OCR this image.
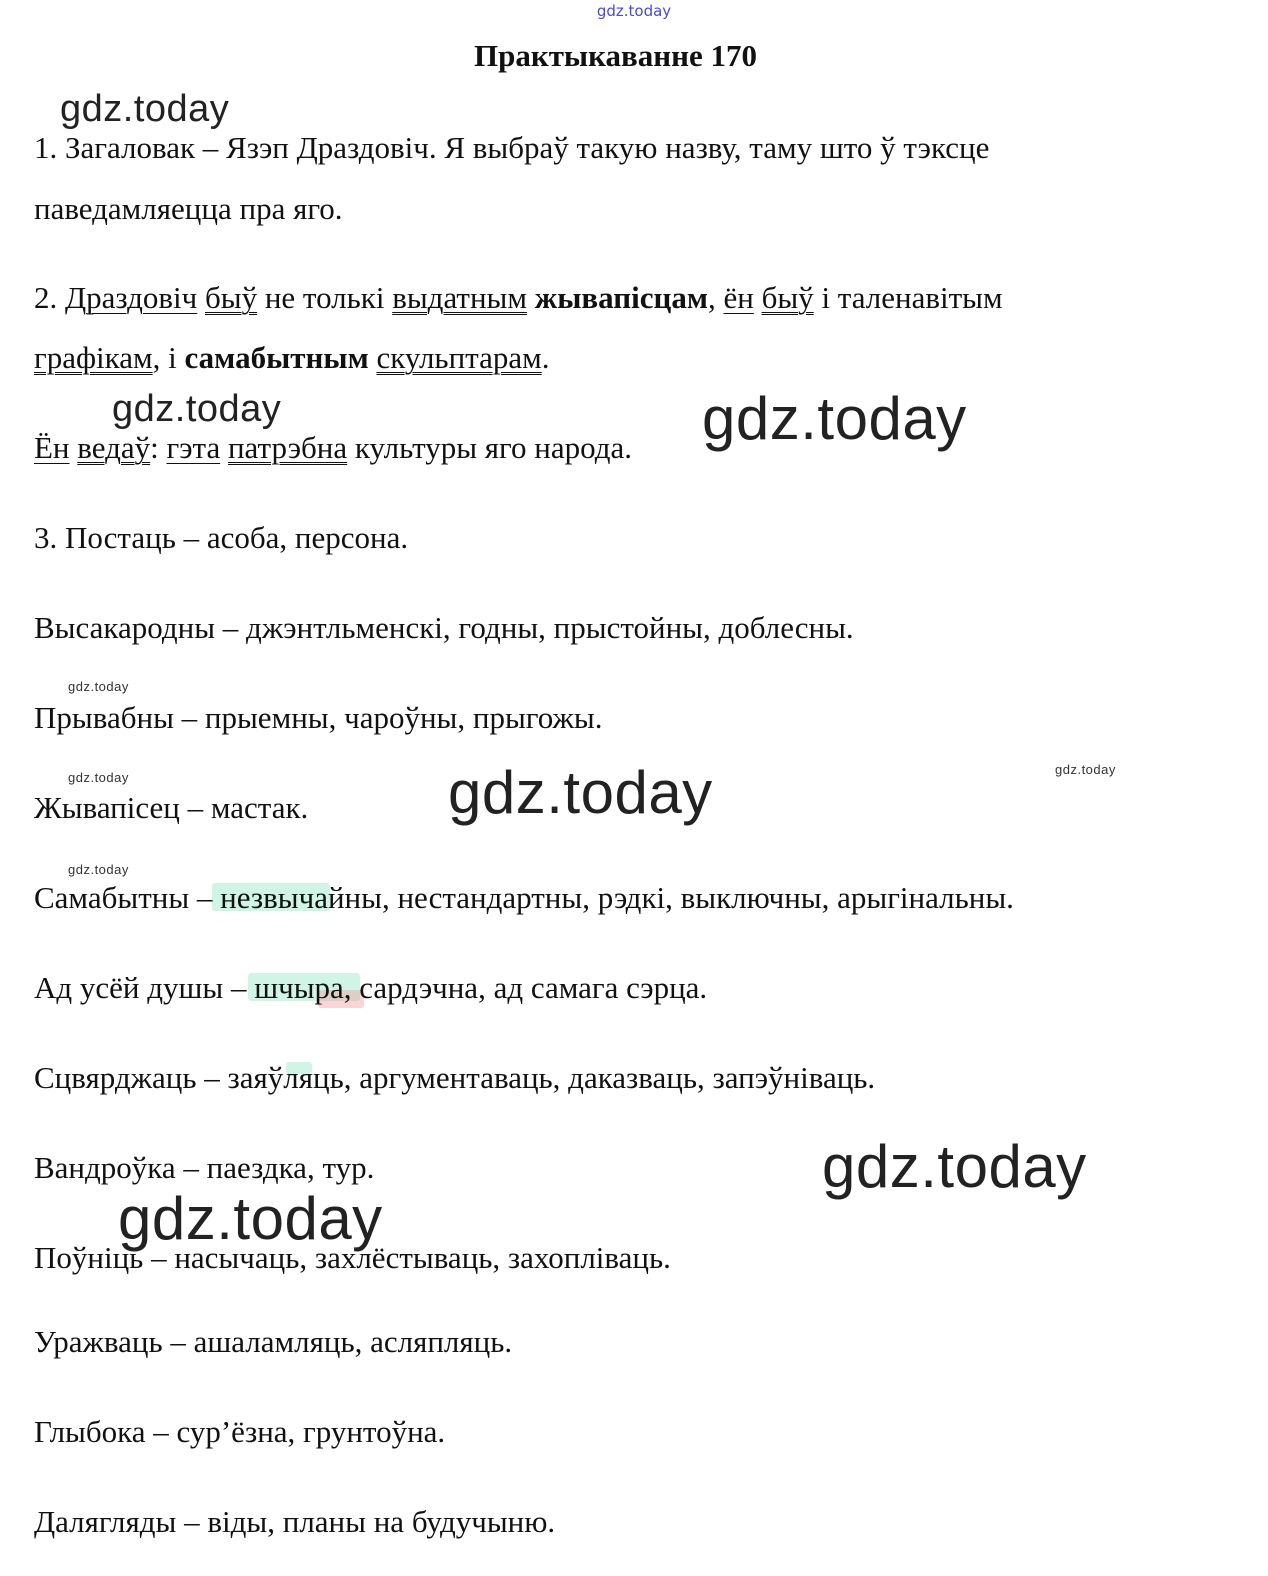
gdz.today
Практыкаванне 170
1. Загаловак – Язэп Драздовіч. Я выбраў такую назву, таму што ў тэксце
паведамляецца пра яго.
2. Драздовіч быў не толькі выдатным жывапісцам, ён быў і таленавітым
графікам, і самабытным скульптарам.
Ён ведаў: гэта патрэбна культуры яго народа.
3. Постаць – асоба, персона.
Высакародны – джэнтльменскі, годны, прыстойны, доблесны.
Прывабны – прыемны, чароўны, прыгожы.
Жывапісец – мастак.
Самабытны – незвычайны, нестандартны, рэдкі, выключны, арыгінальны.
Ад усёй душы – шчыра, сардэчна, ад самага сэрца.
Сцвярджаць – заяўляць, аргументаваць, даказваць, запэўніваць.
Вандроўка – паездка, тур.
Поўніць – насычаць, захлёстываць, захопліваць.
Уражваць – ашаламляць, асляпляць.
Глыбока – сур’ёзна, грунтоўна.
Далягляды – віды, планы на будучыню.
gdz.today
gdz.today	gdz.today
gdz.today
gdz.today
gdz.today
gdz.today
gdz.today
gdz.today
gdz.today
